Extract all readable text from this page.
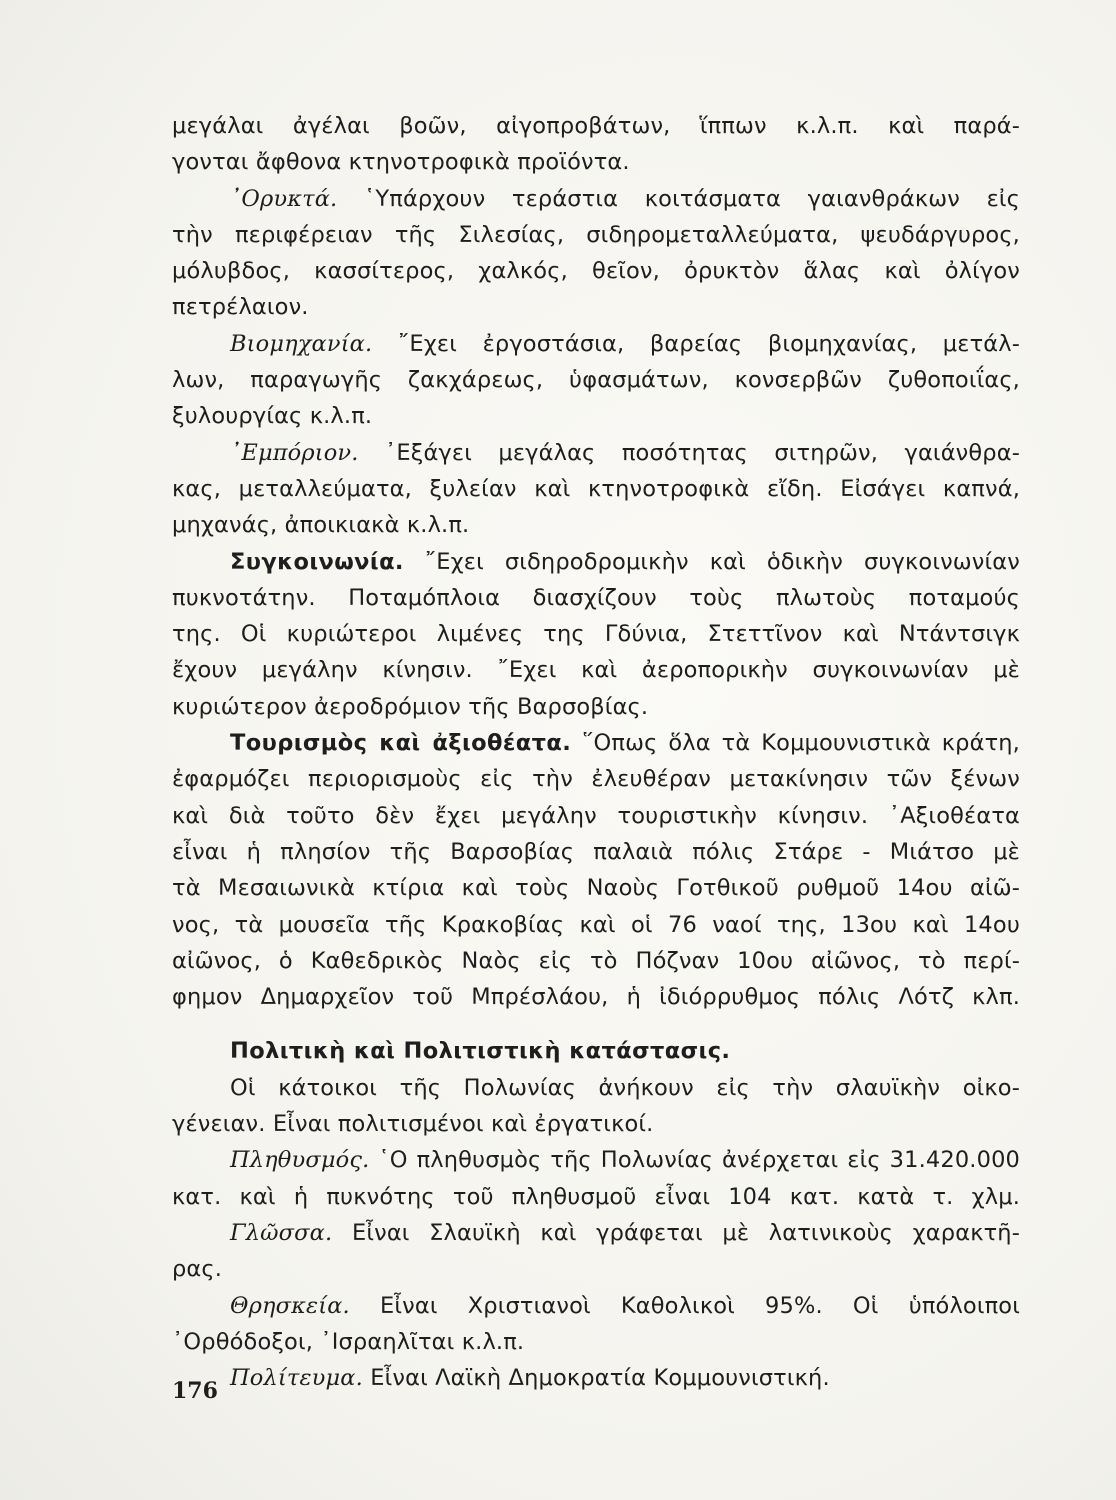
μεγάλαι ἀγέλαι βοῶν, αἰγοπροβάτων, ἵππων κ.λ.π. καὶ παρά-
γονται ἄφθονα κτηνοτροφικὰ προϊόντα.
᾿Ορυκτά. ῾Υπάρχουν τεράστια κοιτάσματα γαιανθράκων εἰς
τὴν περιφέρειαν τῆς Σιλεσίας, σιδηρομεταλλεύματα, ψευδάργυρος,
μόλυβδος, κασσίτερος, χαλκός, θεῖον, ὀρυκτὸν ἅλας καὶ ὀλίγον
πετρέλαιον.
Βιομηχανία. ῎Εχει ἐργοστάσια, βαρείας βιομηχανίας, μετάλ-
λων, παραγωγῆς ζακχάρεως, ὑφασμάτων, κονσερβῶν ζυθοποιΐας,
ξυλουργίας κ.λ.π.
᾿Εμπόριον. ᾿Εξάγει μεγάλας ποσότητας σιτηρῶν, γαιάνθρα-
κας, μεταλλεύματα, ξυλείαν καὶ κτηνοτροφικὰ εἴδη. Εἰσάγει καπνά,
μηχανάς, ἀποικιακὰ κ.λ.π.
Συγκοινωνία. ῎Εχει σιδηροδρομικὴν καὶ ὁδικὴν συγκοινωνίαν
πυκνοτάτην. Ποταμόπλοια διασχίζουν τοὺς πλωτοὺς ποταμούς
της. Οἱ κυριώτεροι λιμένες της Γδύνια, Στεττῖνον καὶ Ντάντσιγκ
ἔχουν μεγάλην κίνησιν. ῎Εχει καὶ ἀεροπορικὴν συγκοινωνίαν μὲ
κυριώτερον ἀεροδρόμιον τῆς Βαρσοβίας.
Τουρισμὸς καὶ ἀξιοθέατα. ῞Οπως ὅλα τὰ Κομμουνιστικὰ κράτη,
ἐφαρμόζει περιορισμοὺς εἰς τὴν ἐλευθέραν μετακίνησιν τῶν ξένων
καὶ διὰ τοῦτο δὲν ἔχει μεγάλην τουριστικὴν κίνησιν. ᾿Αξιοθέατα
εἶναι ἡ πλησίον τῆς Βαρσοβίας παλαιὰ πόλις Στάρε - Μιάτσο μὲ
τὰ Μεσαιωνικὰ κτίρια καὶ τοὺς Ναοὺς Γοτθικοῦ ρυθμοῦ 14ου αἰῶ-
νος, τὰ μουσεῖα τῆς Κρακοβίας καὶ οἱ 76 ναοί της, 13ου καὶ 14ου
αἰῶνος, ὁ Καθεδρικὸς Ναὸς εἰς τὸ Πόζναν 10ου αἰῶνος, τὸ περί-
φημον Δημαρχεῖον τοῦ Μπρέσλάου, ἡ ἰδιόρρυθμος πόλις Λότζ κλπ.
Πολιτικὴ καὶ Πολιτιστικὴ κατάστασις.
Οἱ κάτοικοι τῆς Πολωνίας ἀνήκουν εἰς τὴν σλαυϊκὴν οἰκο-
γένειαν. Εἶναι πολιτισμένοι καὶ ἐργατικοί.
Πληθυσμός. ῾Ο πληθυσμὸς τῆς Πολωνίας ἀνέρχεται εἰς 31.420.000
κατ. καὶ ἡ πυκνότης τοῦ πληθυσμοῦ εἶναι 104 κατ. κατὰ τ. χλμ.
Γλῶσσα. Εἶναι Σλαυϊκὴ καὶ γράφεται μὲ λατινικοὺς χαρακτῆ-
ρας.
Θρησκεία. Εἶναι Χριστιανοὶ Καθολικοὶ 95%. Οἱ ὑπόλοιποι
᾿Ορθόδοξοι, ᾿Ισραηλῖται κ.λ.π.
Πολίτευμα. Εἶναι Λαϊκὴ Δημοκρατία Κομμουνιστική.
176
